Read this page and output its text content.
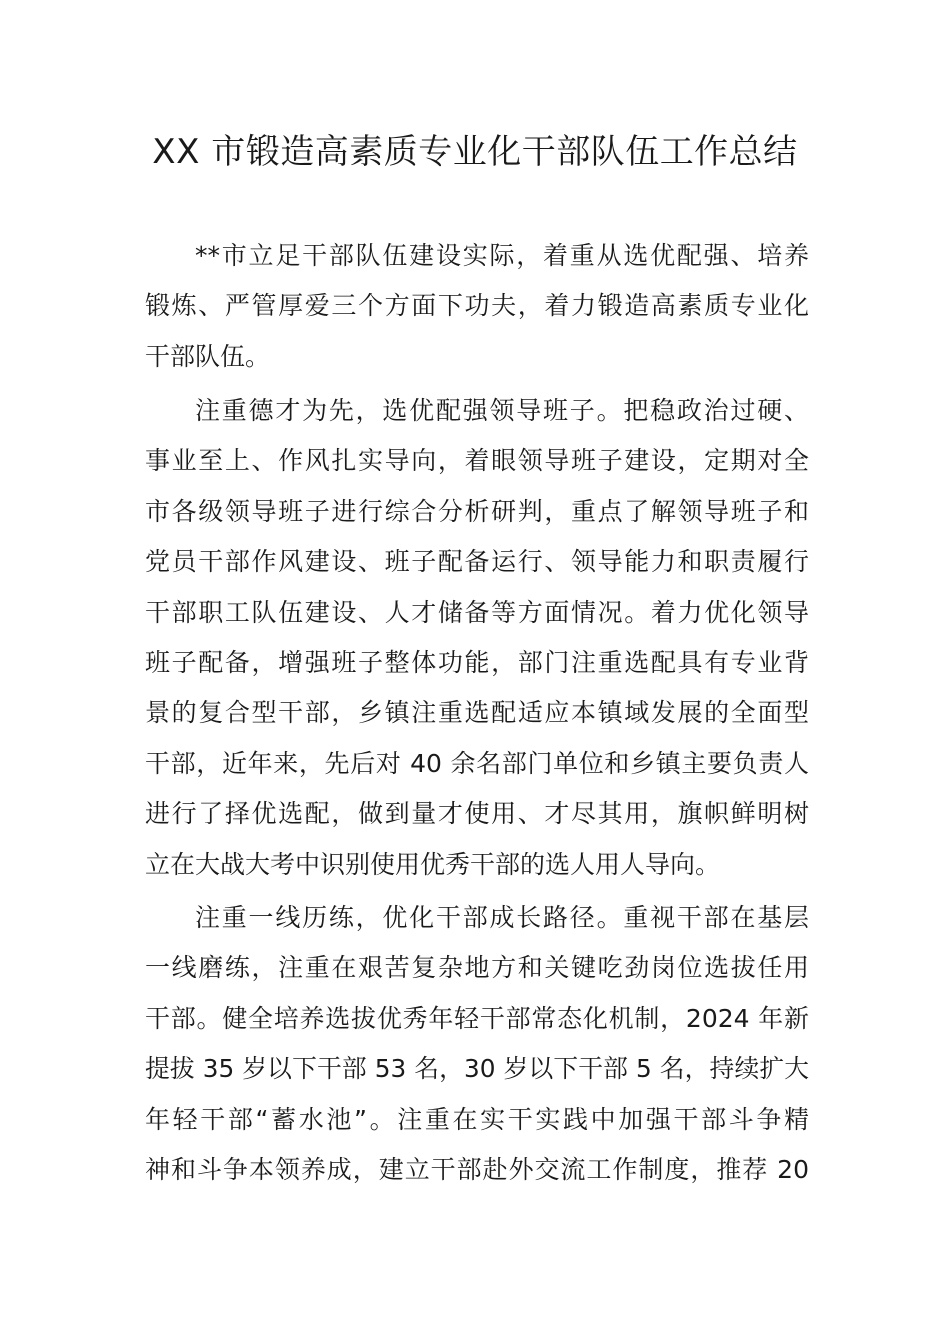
XX 市锻造高素质专业化干部队伍工作总结
**市立足干部队伍建设实际，着重从选优配强、培养
锻炼、严管厚爱三个方面下功夫，着力锻造高素质专业化
干部队伍。
注重德才为先，选优配强领导班子。把稳政治过硬、
事业至上、作风扎实导向，着眼领导班子建设，定期对全
市各级领导班子进行综合分析研判，重点了解领导班子和
党员干部作风建设、班子配备运行、领导能力和职责履行
干部职工队伍建设、人才储备等方面情况。着力优化领导
班子配备，增强班子整体功能，部门注重选配具有专业背
景的复合型干部，乡镇注重选配适应本镇域发展的全面型
干部，近年来，先后对 40 余名部门单位和乡镇主要负责人
进行了择优选配，做到量才使用、才尽其用，旗帜鲜明树
立在大战大考中识别使用优秀干部的选人用人导向。
注重一线历练，优化干部成长路径。重视干部在基层
一线磨练，注重在艰苦复杂地方和关键吃劲岗位选拔任用
干部。健全培养选拔优秀年轻干部常态化机制，2024 年新
提拔 35 岁以下干部 53 名，30 岁以下干部 5 名，持续扩大
年轻干部“蓄水池”。注重在实干实践中加强干部斗争精
神和斗争本领养成，建立干部赴外交流工作制度，推荐 20
